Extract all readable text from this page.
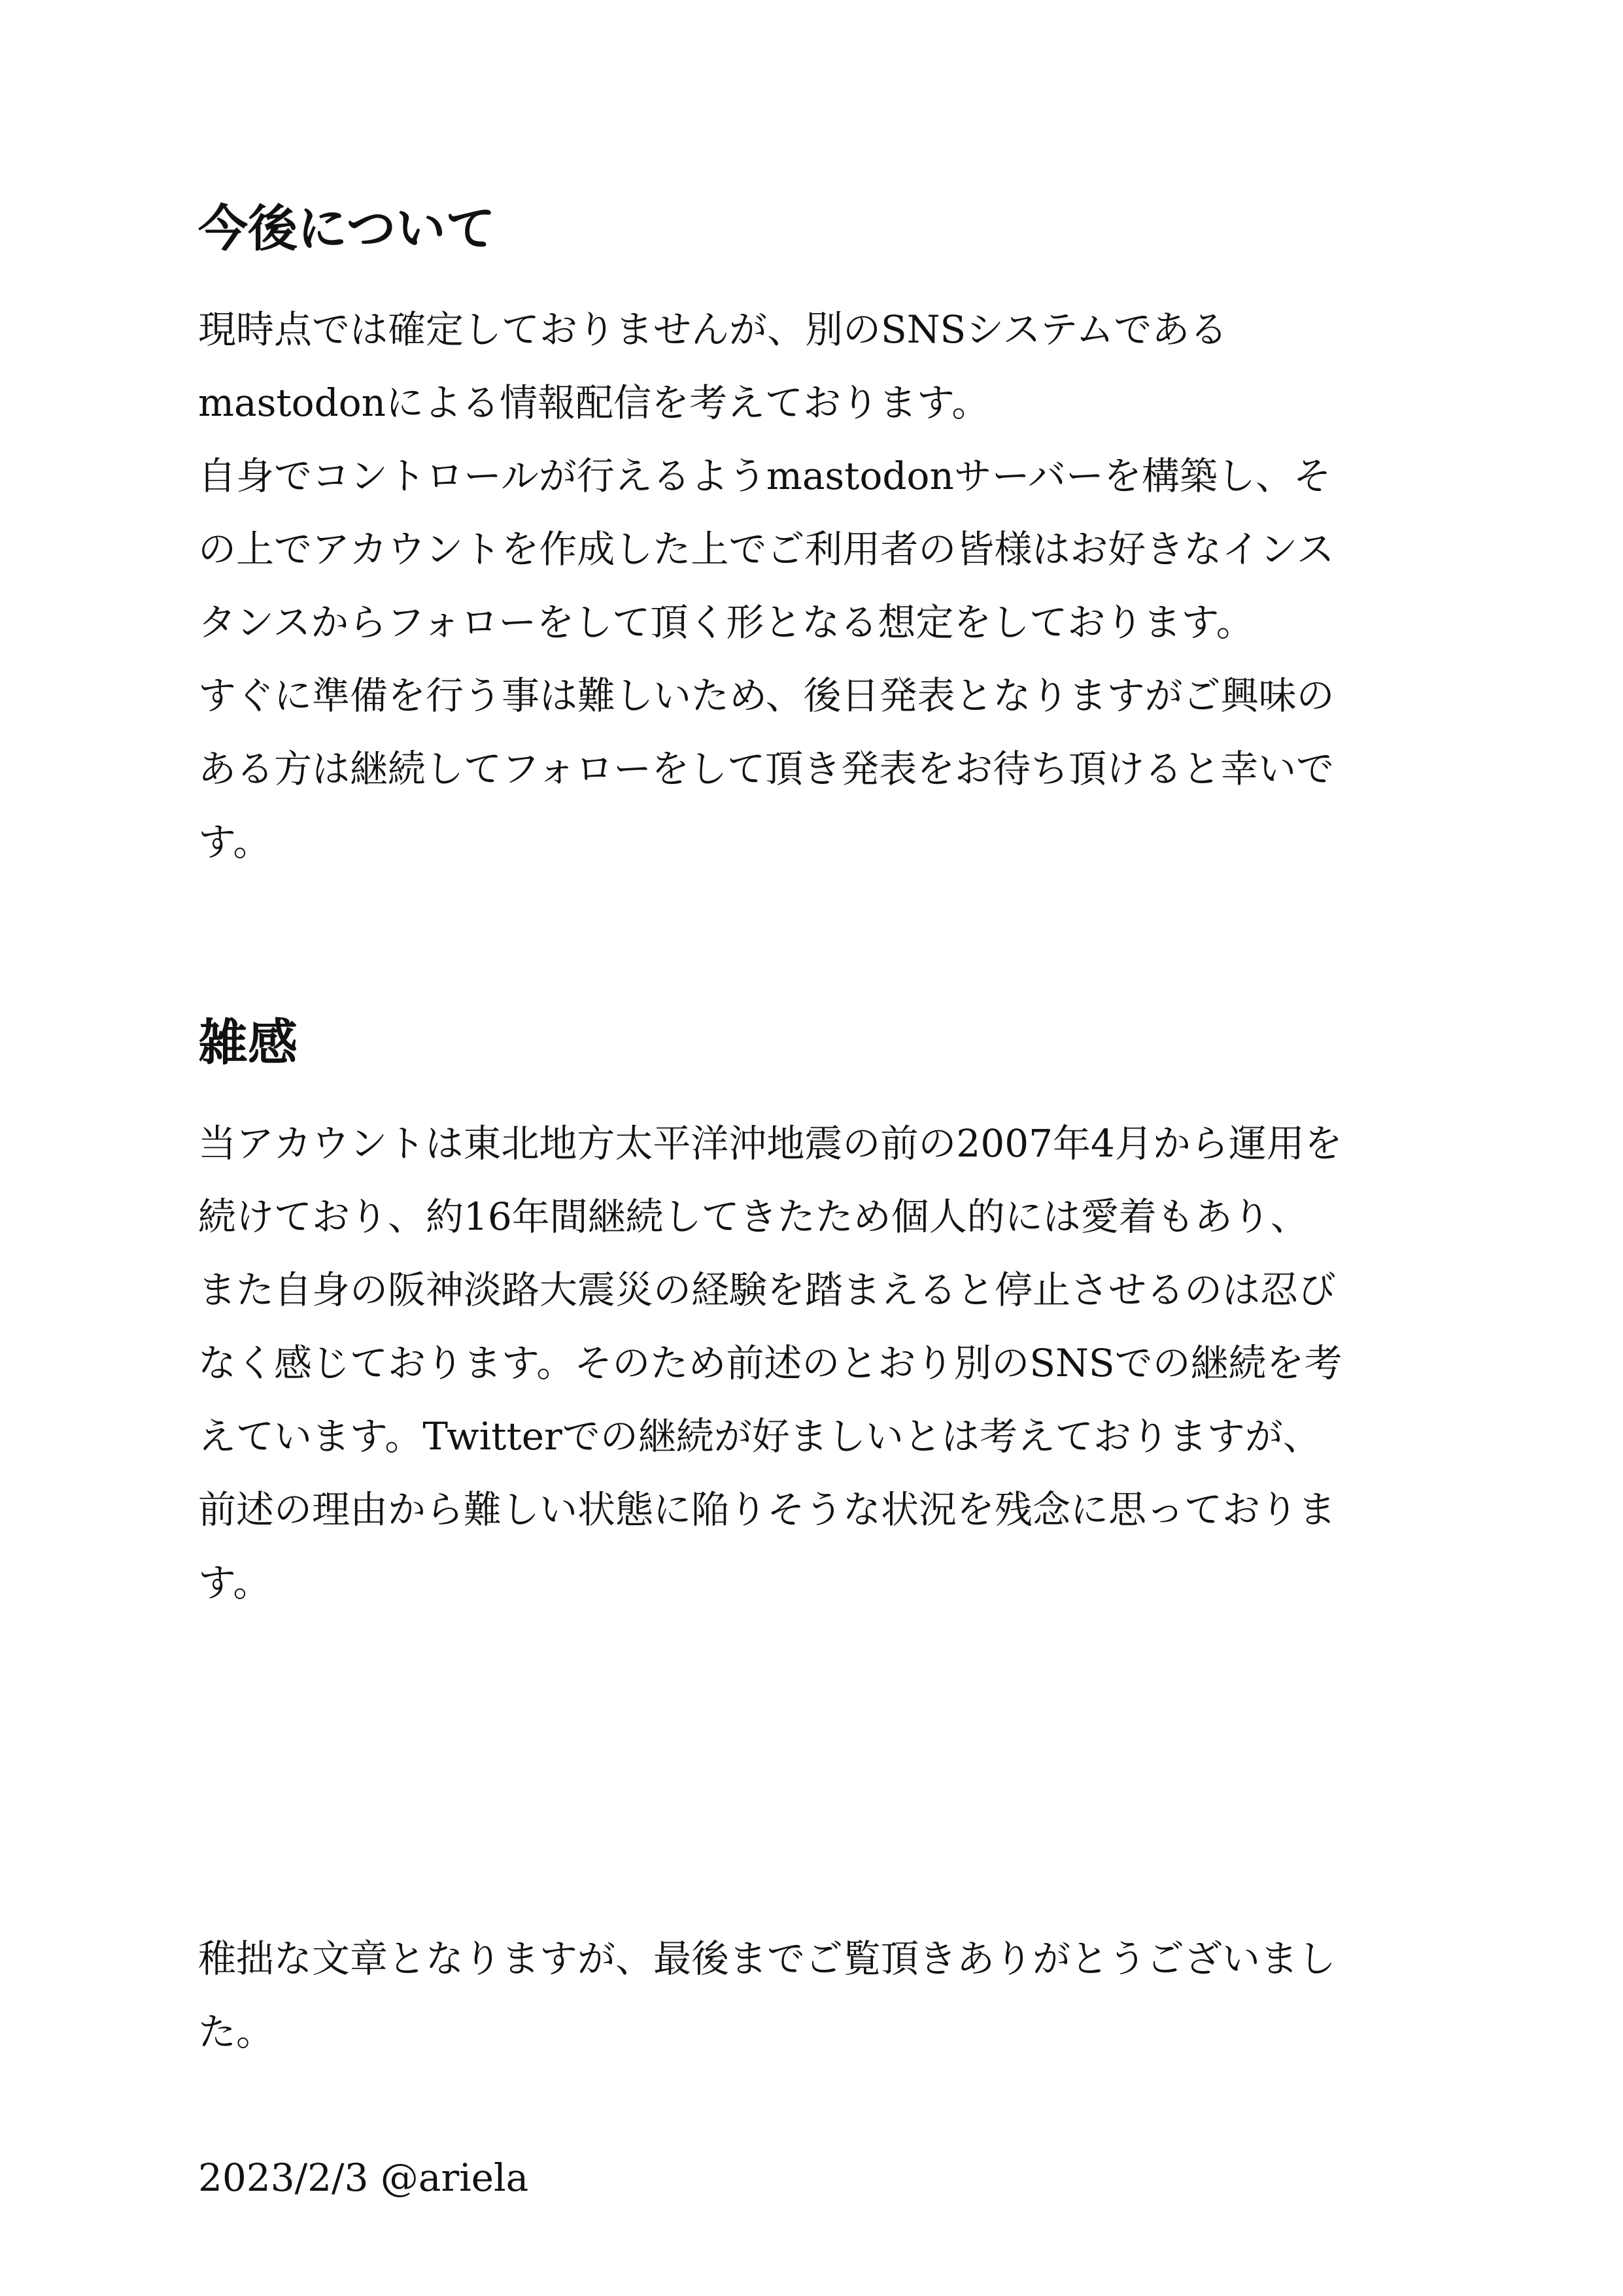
今後について

現時点では確定しておりませんが、別のSNSシステムである
mastodonによる情報配信を考えております。
自身でコントロールが行えるようmastodonサーバーを構築し、そ
の上でアカウントを作成した上でご利用者の皆様はお好きなインス
タンスからフォローをして頂く形となる想定をしております。
すぐに準備を行う事は難しいため、後日発表となりますがご興味の
ある方は継続してフォローをして頂き発表をお待ち頂けると幸いで
す。

雑感

当アカウントは東北地方太平洋沖地震の前の2007年4月から運用を
続けており、約16年間継続してきたため個人的には愛着もあり、
また自身の阪神淡路大震災の経験を踏まえると停止させるのは忍び
なく感じております。そのため前述のとおり別のSNSでの継続を考
えています。Twitterでの継続が好ましいとは考えておりますが、
前述の理由から難しい状態に陥りそうな状況を残念に思っておりま
す。

稚拙な文章となりますが、最後までご覧頂きありがとうございまし
た。

2023/2/3 @ariela
